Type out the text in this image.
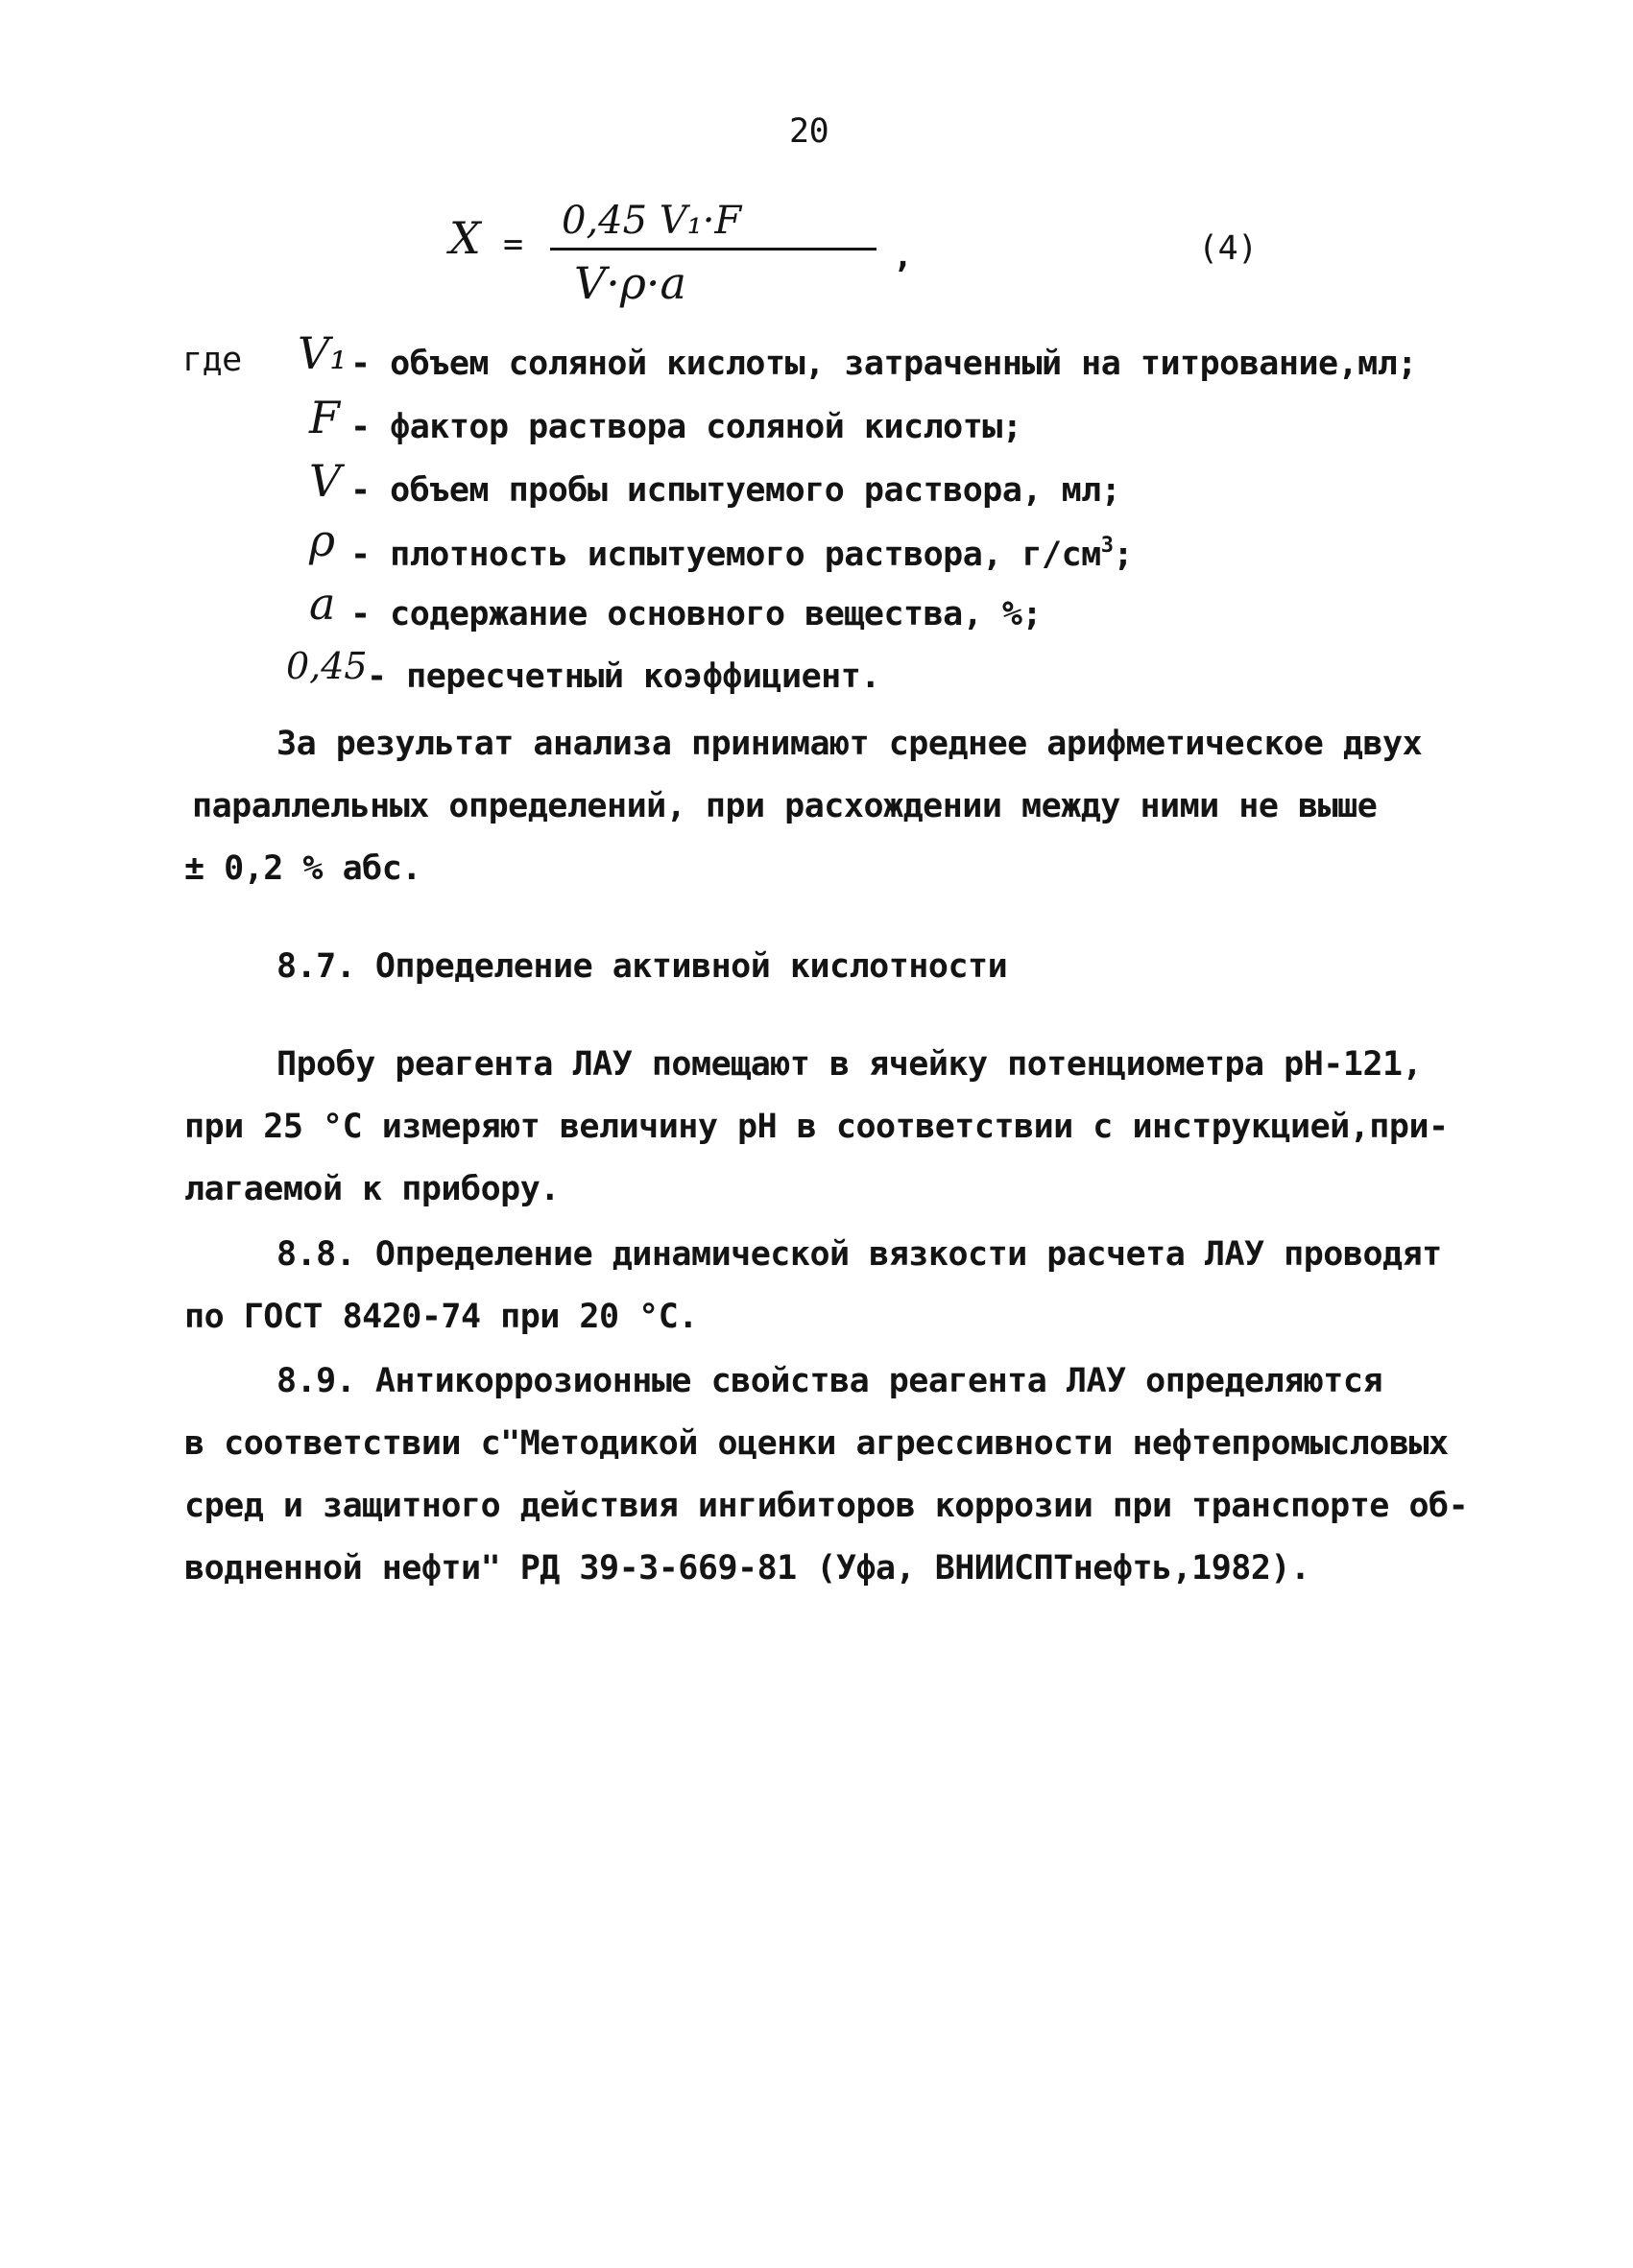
20
X =
0,45 V₁·F
V·ρ·a
,	(4)
где V₁ - объем соляной кислоты, затраченный на титрование,мл;
F - фактор раствора соляной кислоты;
V - объем пробы испытуемого раствора, мл;
ρ - плотность испытуемого раствора, $г/см^3$;
a - содержание основного вещества, %;
0,45 - пересчетный коэффициент.
За результат анализа принимают среднее арифметическое двух
параллельных определений, при расхождении между ними не выше
± 0,2 % абс.
8.7. Определение активной кислотности
Пробу реагента ЛАУ помещают в ячейку потенциометра pH-121,
при 25 °С измеряют величину pH в соответствии с инструкцией,при-
лагаемой к прибору.
8.8. Определение динамической вязкости расчета ЛАУ проводят
по ГОСТ 8420-74 при 20 °С.
8.9. Антикоррозионные свойства реагента ЛАУ определяются
в соответствии с"Методикой оценки агрессивности нефтепромысловых
сред и защитного действия ингибиторов коррозии при транспорте об-
водненной нефти" РД 39-3-669-81 (Уфа, ВНИИСПТнефть,1982).
